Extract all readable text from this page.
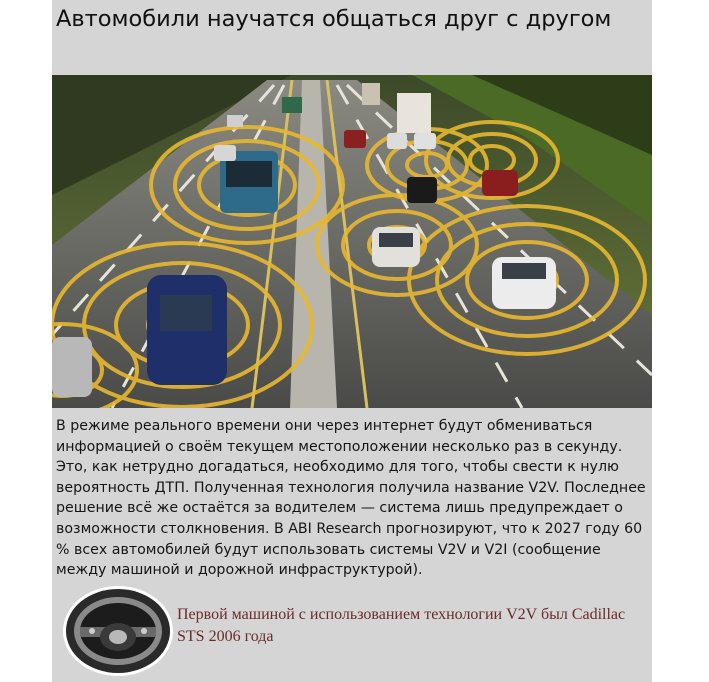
Автомобили научатся общаться друг с другом
В режиме реального времени они через интернет будут обмениваться информацией о своём текущем местоположении несколько раз в секунду. Это, как нетрудно догадаться, необходимо для того, чтобы свести к нулю вероятность ДТП. Полученная технология получила название V2V. Последнее решение всё же остаётся за водителем — система лишь предупреждает о возможности столкновения. В ABI Research прогнозируют, что к 2027 году 60 % всех автомобилей будут использовать системы V2V и V2I (сообщение между машиной и дорожной инфраструктурой).
Первой машиной с использованием технологии V2V был Cadillac STS 2006 года
